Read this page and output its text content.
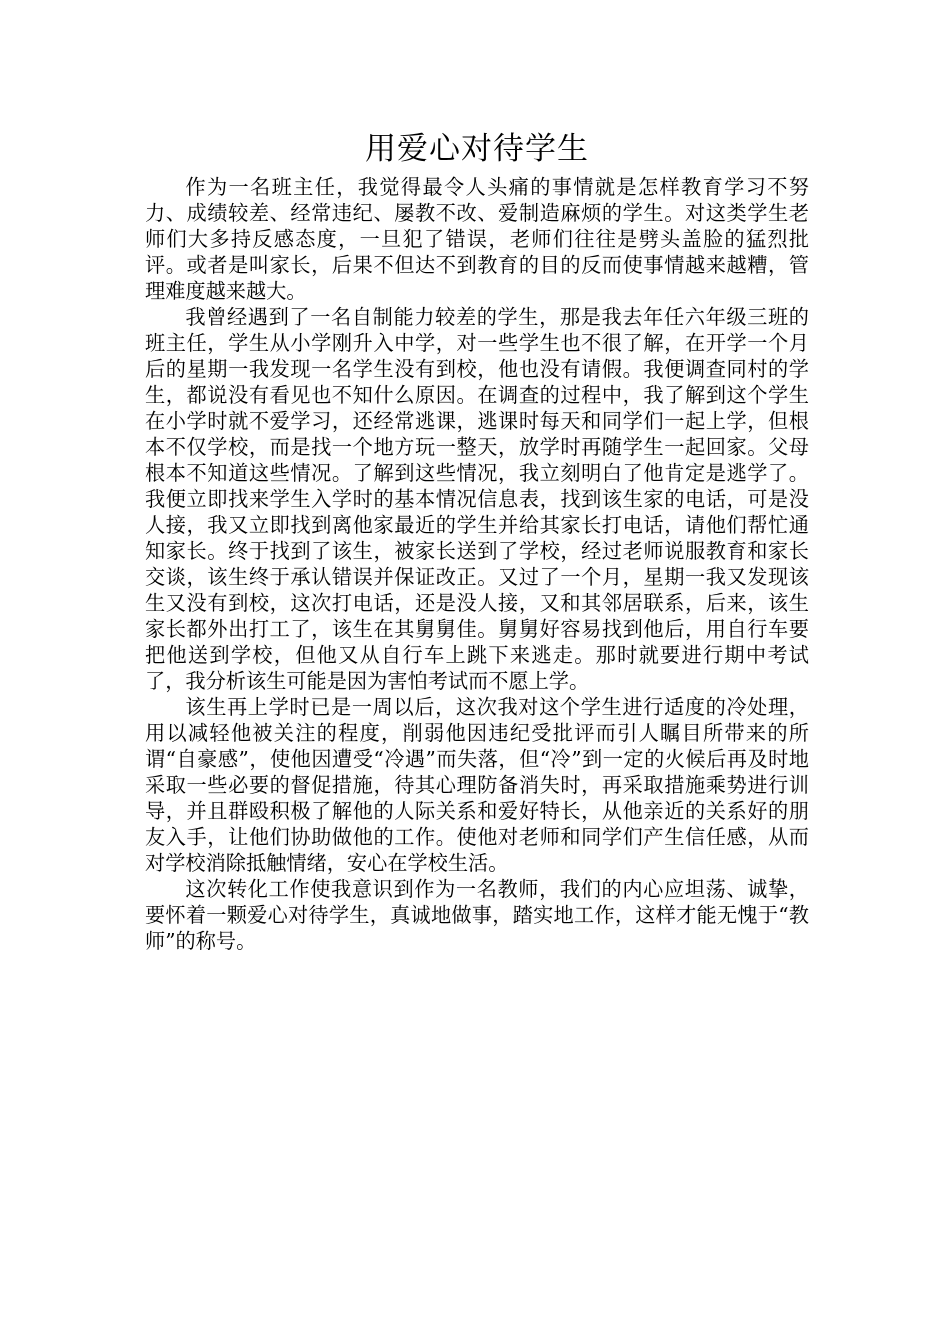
用爱心对待学生

作为一名班主任，我觉得最令人头痛的事情就是怎样教育学习不努力、成绩较差、经常违纪、屡教不改、爱制造麻烦的学生。对这类学生老师们大多持反感态度，一旦犯了错误，老师们往往是劈头盖脸的猛烈批评。或者是叫家长，后果不但达不到教育的目的反而使事情越来越糟，管理难度越来越大。

我曾经遇到了一名自制能力较差的学生，那是我去年任六年级三班的班主任，学生从小学刚升入中学，对一些学生也不很了解，在开学一个月后的星期一我发现一名学生没有到校，他也没有请假。我便调查同村的学生，都说没有看见也不知什么原因。在调查的过程中，我了解到这个学生在小学时就不爱学习，还经常逃课，逃课时每天和同学们一起上学，但根本不仅学校，而是找一个地方玩一整天，放学时再随学生一起回家。父母根本不知道这些情况。了解到这些情况，我立刻明白了他肯定是逃学了。我便立即找来学生入学时的基本情况信息表，找到该生家的电话，可是没人接，我又立即找到离他家最近的学生并给其家长打电话，请他们帮忙通知家长。终于找到了该生，被家长送到了学校，经过老师说服教育和家长交谈，该生终于承认错误并保证改正。又过了一个月，星期一我又发现该生又没有到校，这次打电话，还是没人接，又和其邻居联系，后来，该生家长都外出打工了，该生在其舅舅佳。舅舅好容易找到他后，用自行车要把他送到学校，但他又从自行车上跳下来逃走。那时就要进行期中考试了，我分析该生可能是因为害怕考试而不愿上学。

该生再上学时已是一周以后，这次我对这个学生进行适度的冷处理，用以减轻他被关注的程度，削弱他因违纪受批评而引人瞩目所带来的所谓“自豪感”，使他因遭受“冷遇”而失落，但“冷”到一定的火候后再及时地采取一些必要的督促措施，待其心理防备消失时，再采取措施乘势进行训导，并且群殴积极了解他的人际关系和爱好特长，从他亲近的关系好的朋友入手，让他们协助做他的工作。使他对老师和同学们产生信任感，从而对学校消除抵触情绪，安心在学校生活。

这次转化工作使我意识到作为一名教师，我们的内心应坦荡、诚挚，要怀着一颗爱心对待学生，真诚地做事，踏实地工作，这样才能无愧于“教师”的称号。
